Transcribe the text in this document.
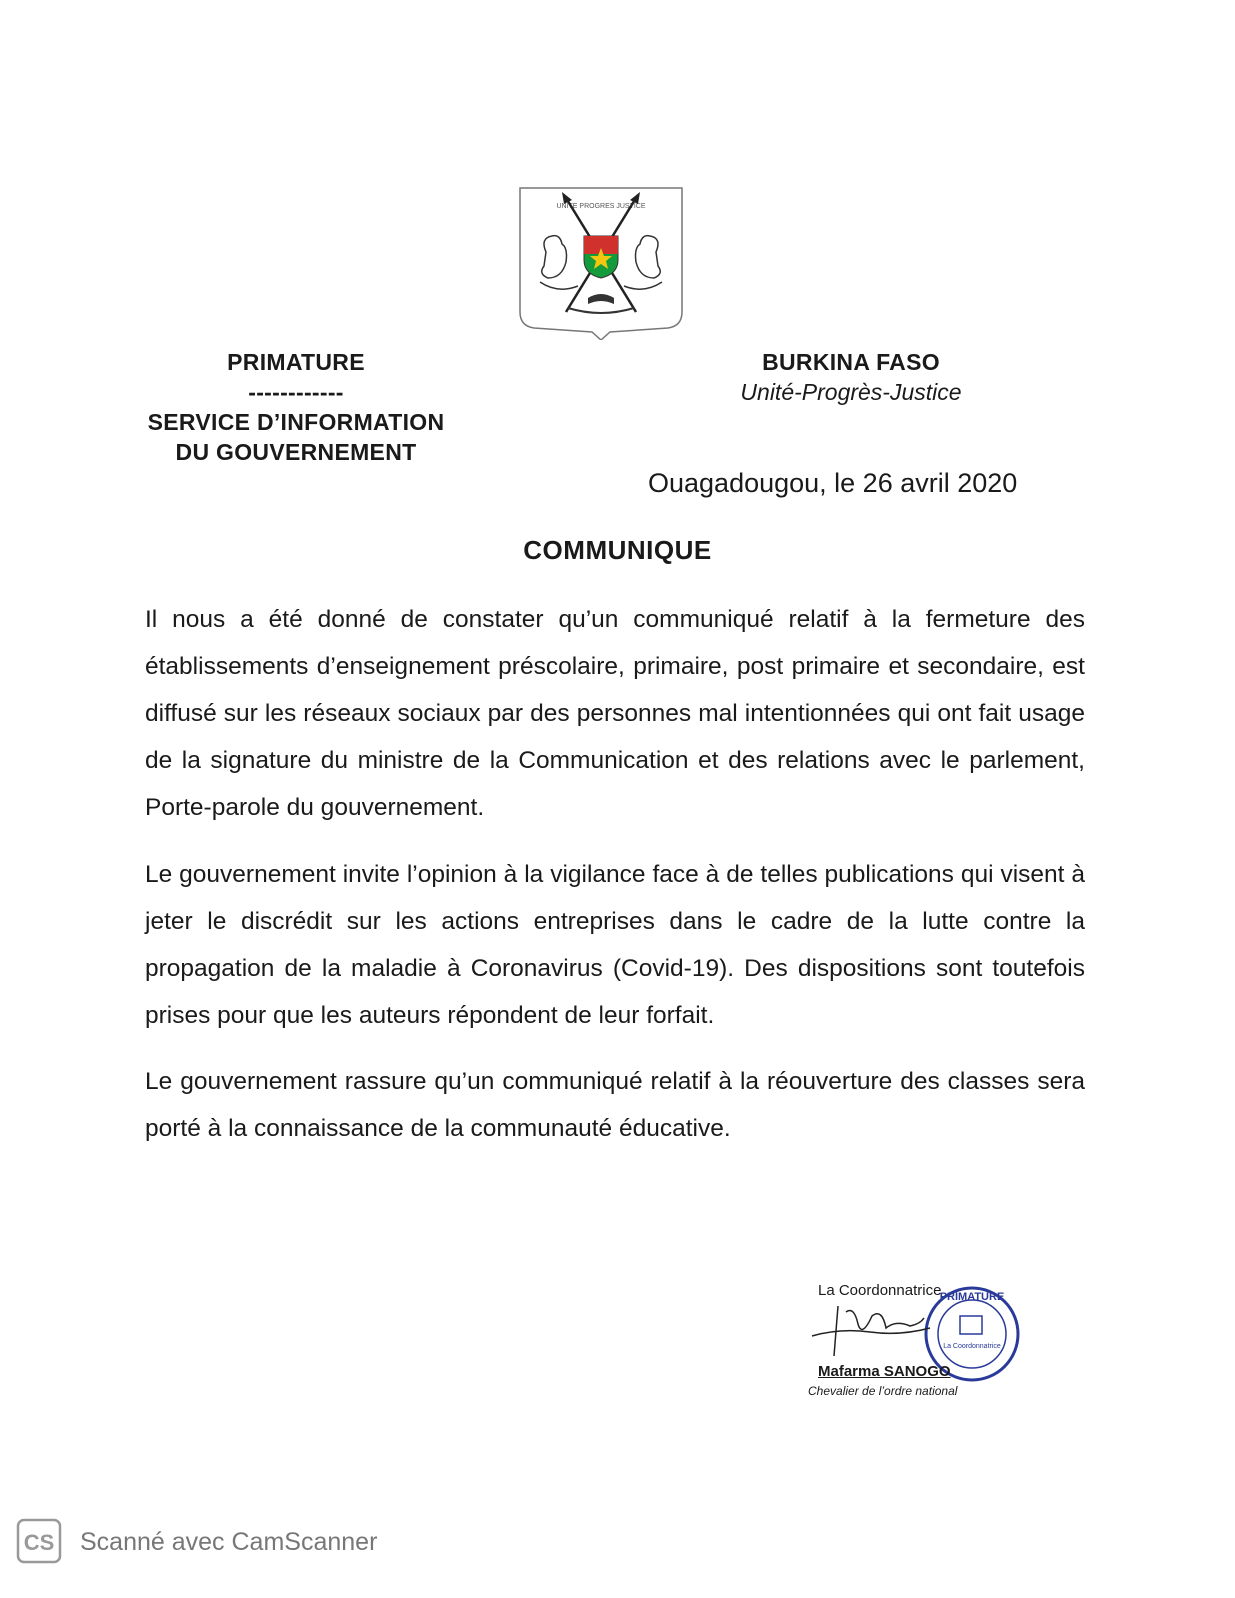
UNITE PROGRES JUSTICE
PRIMATURE
------------
SERVICE D’INFORMATION
DU GOUVERNEMENT
BURKINA FASO
Unité-Progrès-Justice
Ouagadougou, le 26 avril 2020
COMMUNIQUE
Il nous a été donné de constater qu’un communiqué relatif à la fermeture des établissements d’enseignement préscolaire, primaire, post primaire et secondaire, est diffusé sur les réseaux sociaux par des personnes mal intentionnées qui ont fait usage de la signature du ministre de la Communication et des relations avec le parlement, Porte-parole du gouvernement.
Le gouvernement invite l’opinion à la vigilance face à de telles publications qui visent à jeter le discrédit sur les actions entreprises dans le cadre de la lutte contre la propagation de la maladie à Coronavirus (Covid-19). Des dispositions sont toutefois prises pour que les auteurs répondent de leur forfait.
Le gouvernement rassure qu’un communiqué relatif à la réouverture des classes sera porté à la connaissance de la communauté éducative.
PRIMATURE
La Coordonnatrice
La Coordonnatrice
Mafarma SANOGO
Chevalier de l’ordre national
CS Scanné avec CamScanner
